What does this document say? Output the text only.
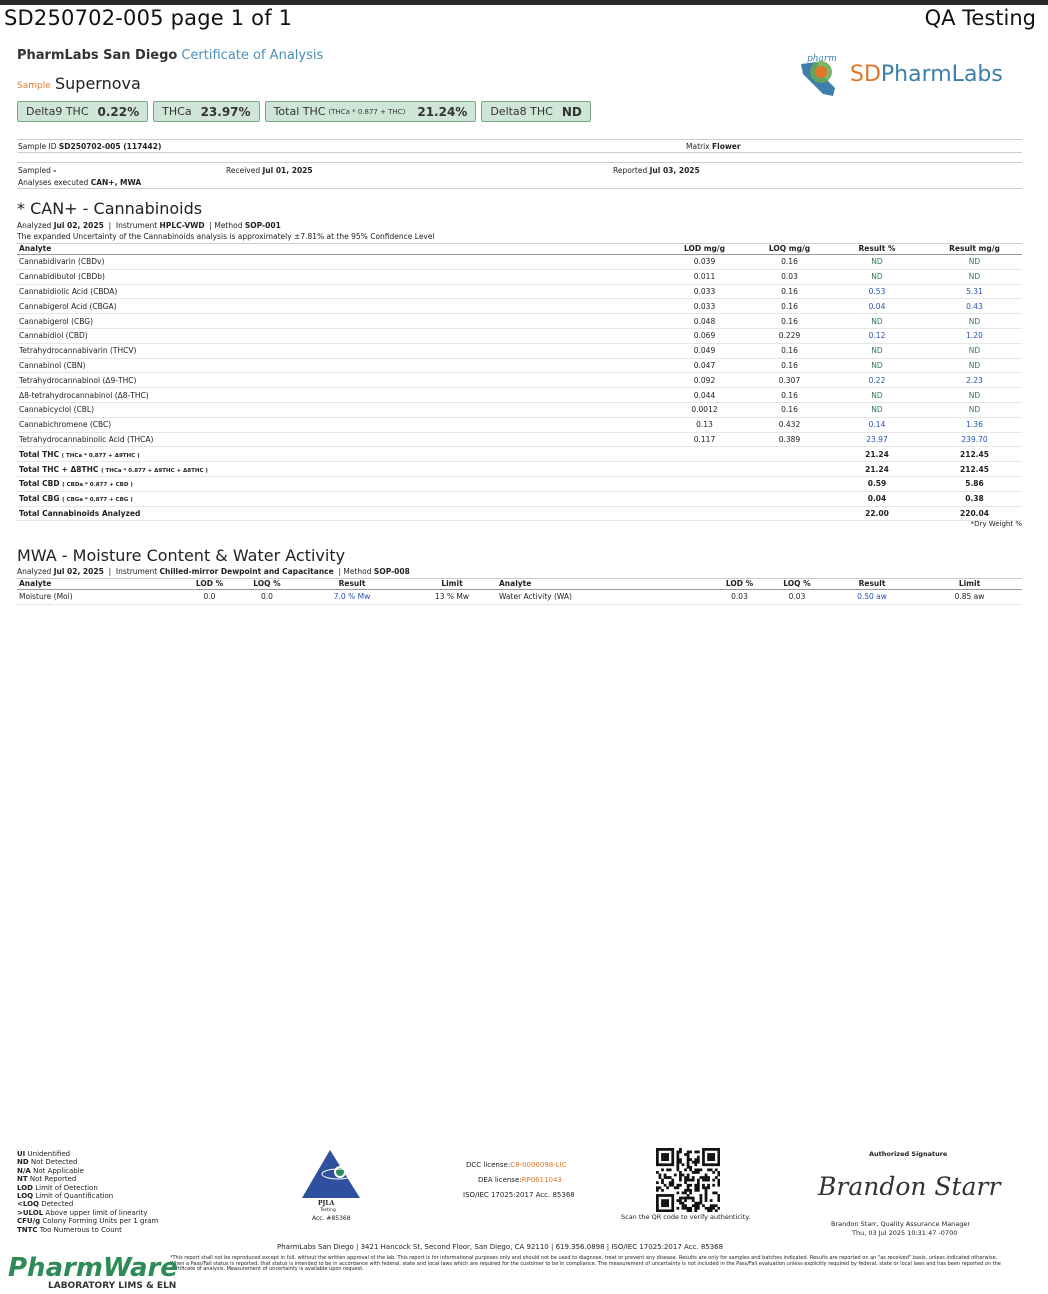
SD250702-005 page 1 of 1	QA Testing
PharmLabs San Diego Certificate of Analysis
Sample Supernova
Delta9 THC 0.22% THCa 23.97% Total THC (THCa * 0.877 + THC) 21.24% Delta8 THC ND
pharm
SDPharmLabs
Sample ID SD250702-005 (117442)	Matrix Flower
Sampled -	Received Jul 01, 2025	Reported Jul 03, 2025
Analyses executed CAN+, MWA
* CAN+ - Cannabinoids
Analyzed Jul 02, 2025  |  Instrument HPLC-VWD  | Method SOP-001
The expanded Uncertainty of the Cannabinoids analysis is approximately ±7.81% at the 95% Confidence Level
Analyte	LOD mg/g	LOQ mg/g	Result %	Result mg/g
Cannabidivarin (CBDv)	0.039	0.16	ND	ND
Cannabidibutol (CBDb)	0.011	0.03	ND	ND
Cannabidiolic Acid (CBDA)	0.033	0.16	0.53	5.31
Cannabigerol Acid (CBGA)	0.033	0.16	0.04	0.43
Cannabigerol (CBG)	0.048	0.16	ND	ND
Cannabidiol (CBD)	0.069	0.229	0.12	1.20
Tetrahydrocannabivarin (THCV)	0.049	0.16	ND	ND
Cannabinol (CBN)	0.047	0.16	ND	ND
Tetrahydrocannabinol (Δ9-THC)	0.092	0.307	0.22	2.23
Δ8-tetrahydrocannabinol (Δ8-THC)	0.044	0.16	ND	ND
Cannabicyclol (CBL)	0.0012	0.16	ND	ND
Cannabichromene (CBC)	0.13	0.432	0.14	1.36
Tetrahydrocannabinolic Acid (THCA)	0.117	0.389	23.97	239.70
Total THC ( THCa * 0.877 + Δ9THC )			21.24	212.45
Total THC + Δ8THC ( THCa * 0.877 + Δ9THC + Δ8THC )			21.24	212.45
Total CBD ( CBDa * 0.877 + CBD )			0.59	5.86
Total CBG ( CBGa * 0.877 + CBG )			0.04	0.38
Total Cannabinoids Analyzed			22.00	220.04
*Dry Weight %
MWA - Moisture Content & Water Activity
Analyzed Jul 02, 2025  |  Instrument Chilled-mirror Dewpoint and Capacitance  | Method SOP-008
Analyte	LOD %	LOQ %	Result	Limit	Analyte	LOD %	LOQ %	Result	Limit
Moisture (Moi)	0.0	0.0	7.0 % Mw	13 % Mw	Water Activity (WA)	0.03	0.03	0.50 aw	0.85 aw
UI Unidentified
ND Not Detected
N/A Not Applicable
NT Not Reported
LOD Limit of Detection
LOQ Limit of Quantification
<LOQ Detected
>ULOL Above upper limit of linearity
CFU/g Colony Forming Units per 1 gram
TNTC Too Numerous to Count
PJLA
Testing
Acc. #85368
DCC license:C8-0000098-LIC
DEA license:RP0611043
ISO/IEC 17025:2017 Acc. 85368
Scan the QR code to verify authenticity.
Authorized Signature
Brandon Starr
Brandon Starr, Quality Assurance Manager
Thu, 03 Jul 2025 10:31:47 -0700
PharmLabs San Diego | 3421 Hancock St, Second Floor, San Diego, CA 92110 | 619.356.0898 | ISO/IEC 17025:2017 Acc. 85368
*This report shall not be reproduced except in full, without the written approval of the lab. This report is for informational purposes only and should not be used to diagnose, treat or prevent any disease. Results are only for samples and batches indicated. Results are reported on an "as received" basis, unless indicated otherwise. When a Pass/Fail status is reported, that status is intended to be in accordance with federal, state and local laws which are required for the customer to be in compliance. The measurement of uncertainty is not included in the Pass/Fail evaluation unless explicitly required by federal, state or local laws and has been reported on the certificate of analysis. Measurement of uncertainty is available upon request.
PharmWare
LABORATORY LIMS & ELN
